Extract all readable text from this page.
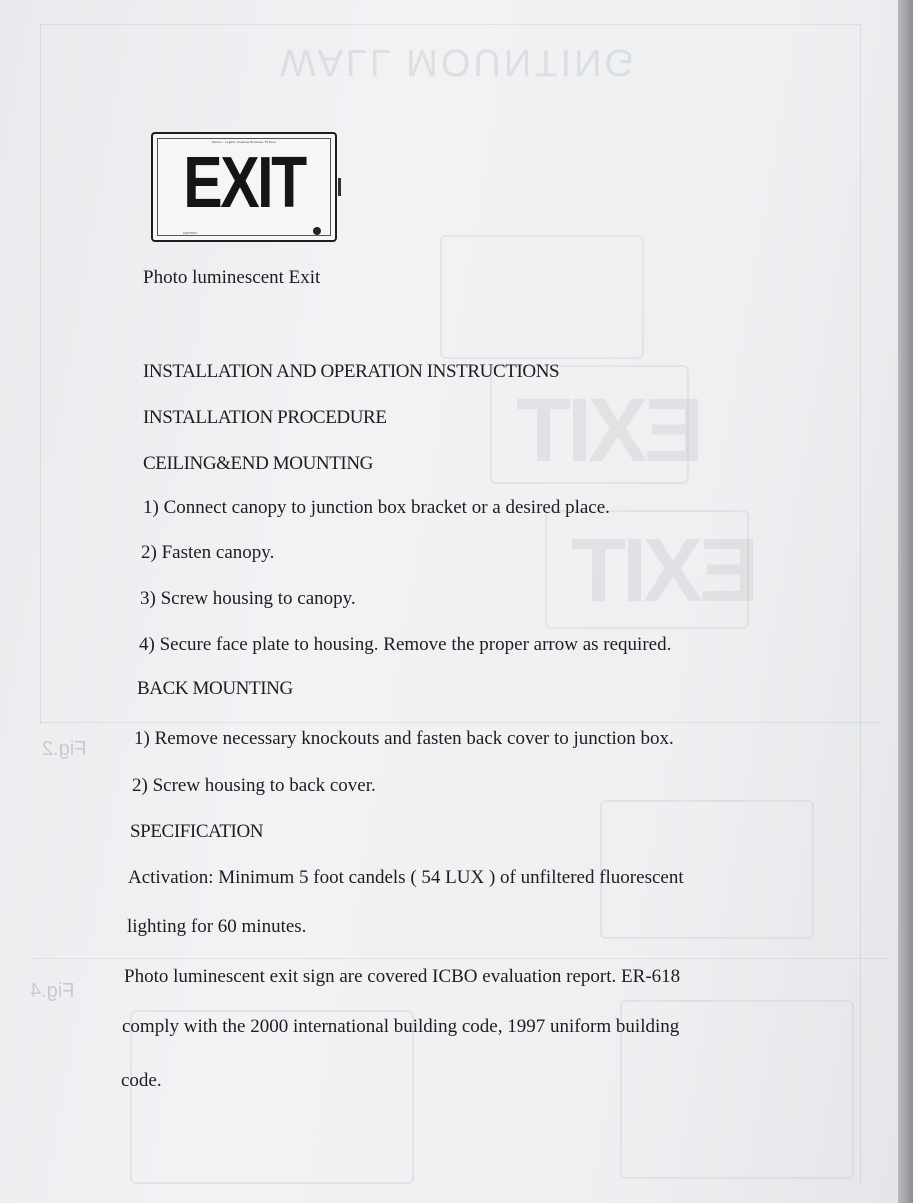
WALL MOUNTING
EXIT
EXIT
Fig.2
Fig.4
Notice - Legible Viewing Distance 75 Feet
EXIT
CAUTION
Photo luminescent Exit
INSTALLATION AND OPERATION INSTRUCTIONS
INSTALLATION PROCEDURE
CEILING&END MOUNTING
1) Connect canopy to junction box bracket or a desired place.
2) Fasten canopy.
3) Screw housing to canopy.
4) Secure face plate to housing. Remove the proper arrow as required.
BACK MOUNTING
1) Remove necessary knockouts and fasten back cover to junction box.
2) Screw housing to back cover.
SPECIFICATION
Activation: Minimum 5 foot candels ( 54 LUX ) of unfiltered fluorescent
lighting for 60 minutes.
Photo luminescent exit sign are covered ICBO evaluation report. ER-618
comply with the 2000 international building code, 1997 uniform building
code.
